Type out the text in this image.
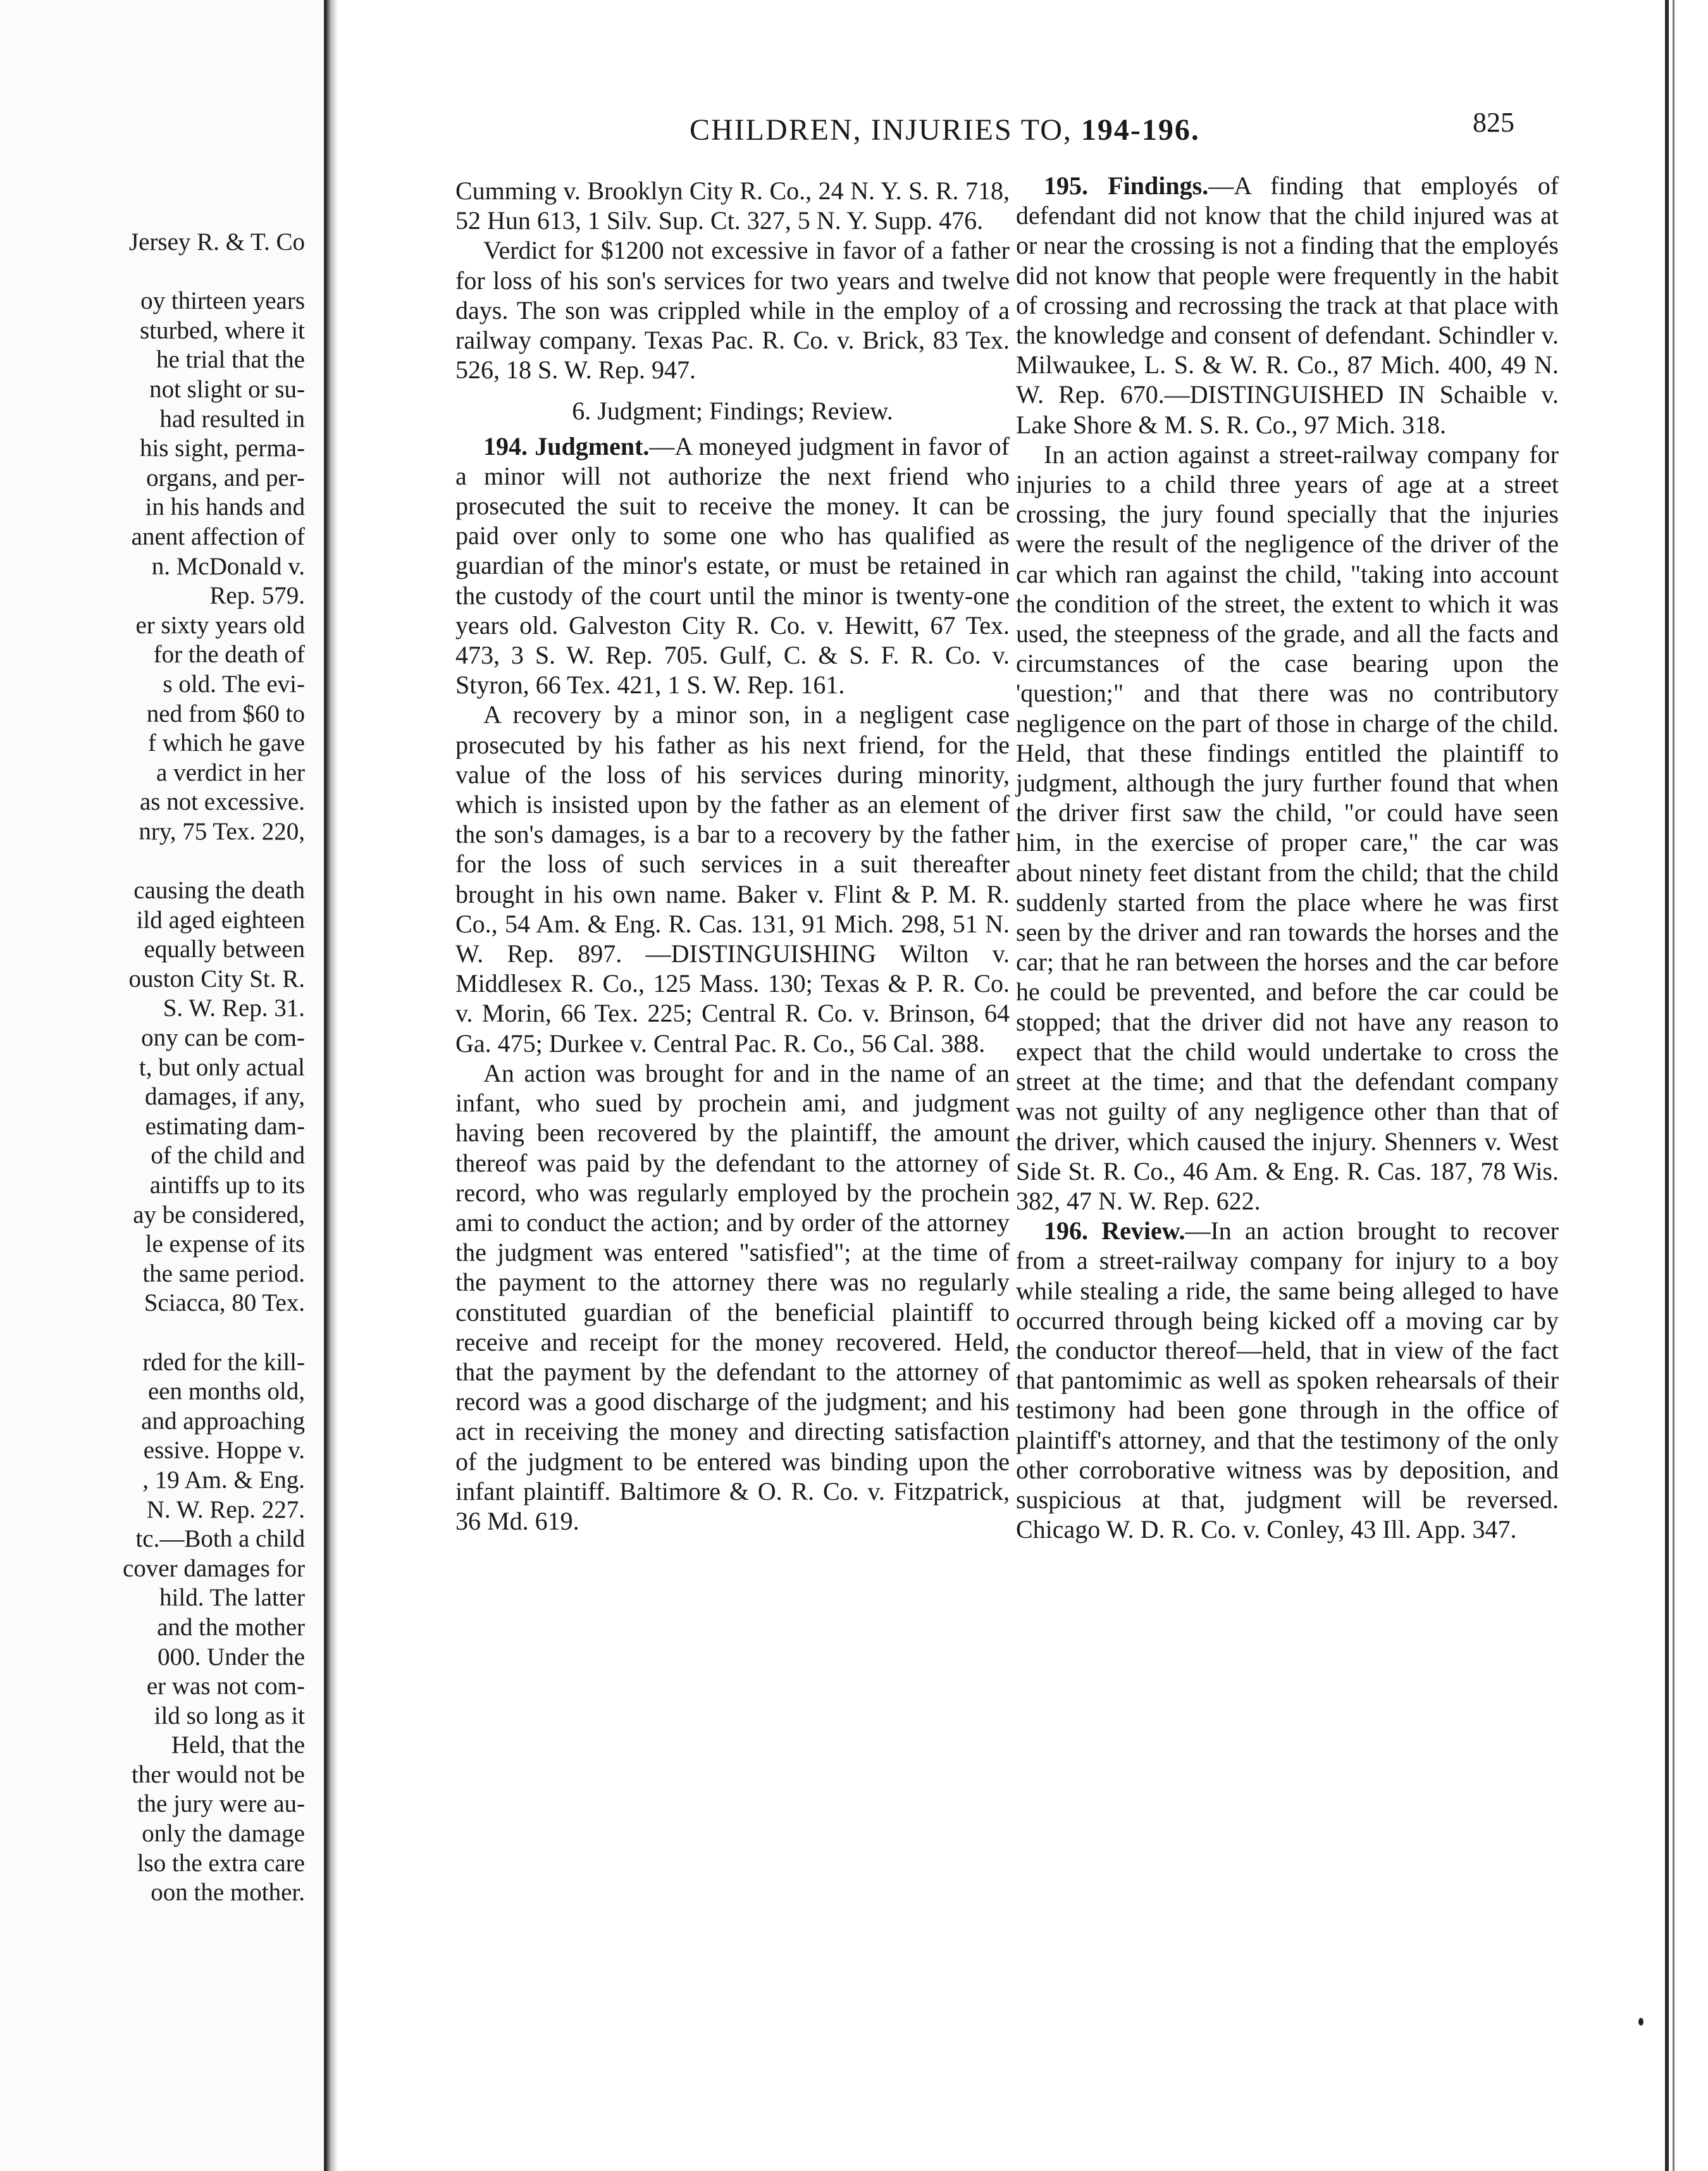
Jersey R. & T. Co

oy thirteen years
sturbed, where it
he trial that the
not slight or su-
had resulted in
his sight, perma-
organs, and per-
in his hands and
anent affection of
n. McDonald v.
Rep. 579.
er sixty years old
for the death of
s old. The evi-
ned from $60 to
f which he gave
a verdict in her
as not excessive.
nry, 75 Tex. 220,

causing the death
ild aged eighteen
equally between
ouston City St. R.
S. W. Rep. 31.
ony can be com-
t, but only actual
damages, if any,
estimating dam-
of the child and
aintiffs up to its
ay be considered,
le expense of its
the same period.
Sciacca, 80 Tex.

rded for the kill-
een months old,
and approaching
essive. Hoppe v.
, 19 Am. & Eng.
N. W. Rep. 227.
tc.—Both a child
cover damages for
hild. The latter
and the mother
000. Under the
er was not com-
ild so long as it
Held, that the
ther would not be
the jury were au-
only the damage
lso the extra care
oon the mother.
CHILDREN, INJURIES TO, 194-196.	825

Cumming v. Brooklyn City R. Co., 24 N. Y. S. R. 718, 52 Hun 613, 1 Silv. Sup. Ct. 327, 5 N. Y. Supp. 476.

Verdict for $1200 not excessive in favor of a father for loss of his son's services for two years and twelve days. The son was crippled while in the employ of a railway company. Texas Pac. R. Co. v. Brick, 83 Tex. 526, 18 S. W. Rep. 947.

6. Judgment; Findings; Review.

194. Judgment.—A moneyed judgment in favor of a minor will not authorize the next friend who prosecuted the suit to receive the money. It can be paid over only to some one who has qualified as guardian of the minor's estate, or must be retained in the custody of the court until the minor is twenty-one years old. Galveston City R. Co. v. Hewitt, 67 Tex. 473, 3 S. W. Rep. 705. Gulf, C. & S. F. R. Co. v. Styron, 66 Tex. 421, 1 S. W. Rep. 161.

A recovery by a minor son, in a negligent case prosecuted by his father as his next friend, for the value of the loss of his services during minority, which is insisted upon by the father as an element of the son's damages, is a bar to a recovery by the father for the loss of such services in a suit thereafter brought in his own name. Baker v. Flint & P. M. R. Co., 54 Am. & Eng. R. Cas. 131, 91 Mich. 298, 51 N. W. Rep. 897. —DISTINGUISHING Wilton v. Middlesex R. Co., 125 Mass. 130; Texas & P. R. Co. v. Morin, 66 Tex. 225; Central R. Co. v. Brinson, 64 Ga. 475; Durkee v. Central Pac. R. Co., 56 Cal. 388.

An action was brought for and in the name of an infant, who sued by prochein ami, and judgment having been recovered by the plaintiff, the amount thereof was paid by the defendant to the attorney of record, who was regularly employed by the prochein ami to conduct the action; and by order of the attorney the judgment was entered "satisfied"; at the time of the payment to the attorney there was no regularly constituted guardian of the beneficial plaintiff to receive and receipt for the money recovered. Held, that the payment by the defendant to the attorney of record was a good discharge of the judgment; and his act in receiving the money and directing satisfaction of the judgment to be entered was binding upon the infant plaintiff. Baltimore & O. R. Co. v. Fitzpatrick, 36 Md. 619.

195. Findings.—A finding that employés of defendant did not know that the child injured was at or near the crossing is not a finding that the employés did not know that people were frequently in the habit of crossing and recrossing the track at that place with the knowledge and consent of defendant. Schindler v. Milwaukee, L. S. & W. R. Co., 87 Mich. 400, 49 N. W. Rep. 670.—DISTINGUISHED IN Schaible v. Lake Shore & M. S. R. Co., 97 Mich. 318.

In an action against a street-railway company for injuries to a child three years of age at a street crossing, the jury found specially that the injuries were the result of the negligence of the driver of the car which ran against the child, "taking into account the condition of the street, the extent to which it was used, the steepness of the grade, and all the facts and circumstances of the case bearing upon the 'question;" and that there was no contributory negligence on the part of those in charge of the child. Held, that these findings entitled the plaintiff to judgment, although the jury further found that when the driver first saw the child, "or could have seen him, in the exercise of proper care," the car was about ninety feet distant from the child; that the child suddenly started from the place where he was first seen by the driver and ran towards the horses and the car; that he ran between the horses and the car before he could be prevented, and before the car could be stopped; that the driver did not have any reason to expect that the child would undertake to cross the street at the time; and that the defendant company was not guilty of any negligence other than that of the driver, which caused the injury. Shenners v. West Side St. R. Co., 46 Am. & Eng. R. Cas. 187, 78 Wis. 382, 47 N. W. Rep. 622.

196. Review.—In an action brought to recover from a street-railway company for injury to a boy while stealing a ride, the same being alleged to have occurred through being kicked off a moving car by the conductor thereof—held, that in view of the fact that pantomimic as well as spoken rehearsals of their testimony had been gone through in the office of plaintiff's attorney, and that the testimony of the only other corroborative witness was by deposition, and suspicious at that, judgment will be reversed. Chicago W. D. R. Co. v. Conley, 43 Ill. App. 347.
